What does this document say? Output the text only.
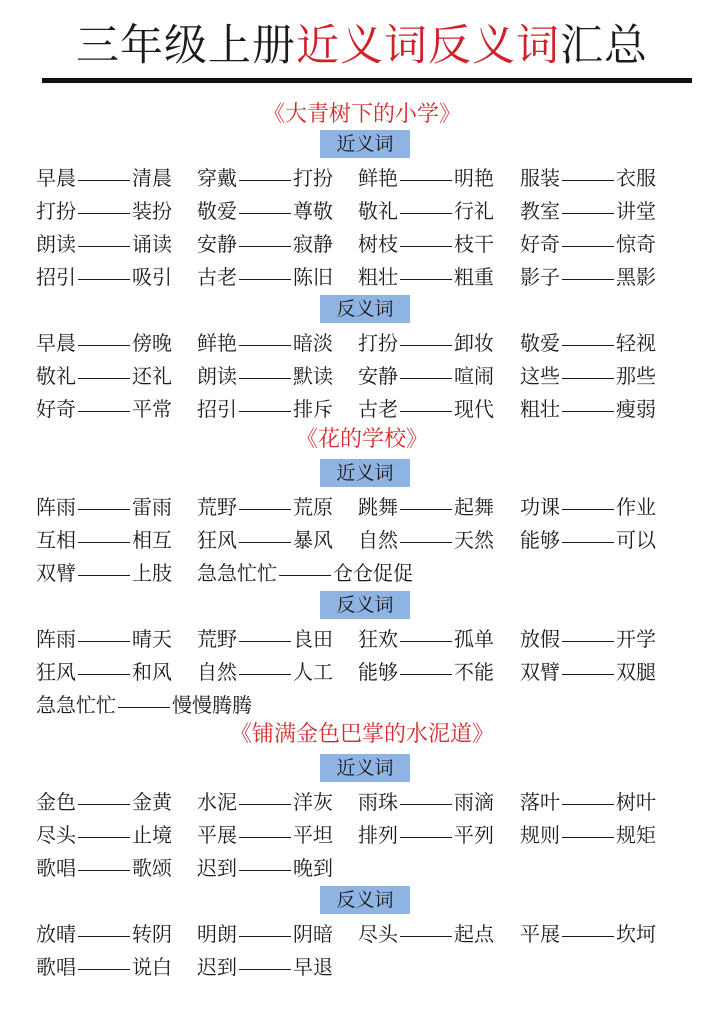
三年级上册近义词反义词汇总
《大青树下的小学》
近义词
早晨	清晨 穿戴	打扮 鲜艳	明艳 服装	衣服
打扮	装扮 敬爱	尊敬 敬礼	行礼 教室	讲堂
朗读	诵读 安静	寂静 树枝	枝干 好奇	惊奇
招引	吸引 古老	陈旧 粗壮	粗重 影子	黑影
反义词
早晨	傍晚 鲜艳	暗淡 打扮	卸妆 敬爱	轻视
敬礼	还礼 朗读	默读 安静	喧闹 这些	那些
好奇	平常 招引	排斥 古老	现代 粗壮	瘦弱
《花的学校》
近义词
阵雨	雷雨 荒野	荒原 跳舞	起舞 功课	作业
互相	相互 狂风	暴风 自然	天然 能够	可以
双臂	上肢 急急忙忙	仓仓促促
反义词
阵雨	晴天 荒野	良田 狂欢	孤单 放假	开学
狂风	和风 自然	人工 能够	不能 双臂	双腿
急急忙忙	慢慢腾腾
《铺满金色巴掌的水泥道》
近义词
金色	金黄 水泥	洋灰 雨珠	雨滴 落叶	树叶
尽头	止境 平展	平坦 排列	平列 规则	规矩
歌唱	歌颂 迟到	晚到
反义词
放晴	转阴 明朗	阴暗 尽头	起点 平展	坎坷
歌唱	说白 迟到	早退
